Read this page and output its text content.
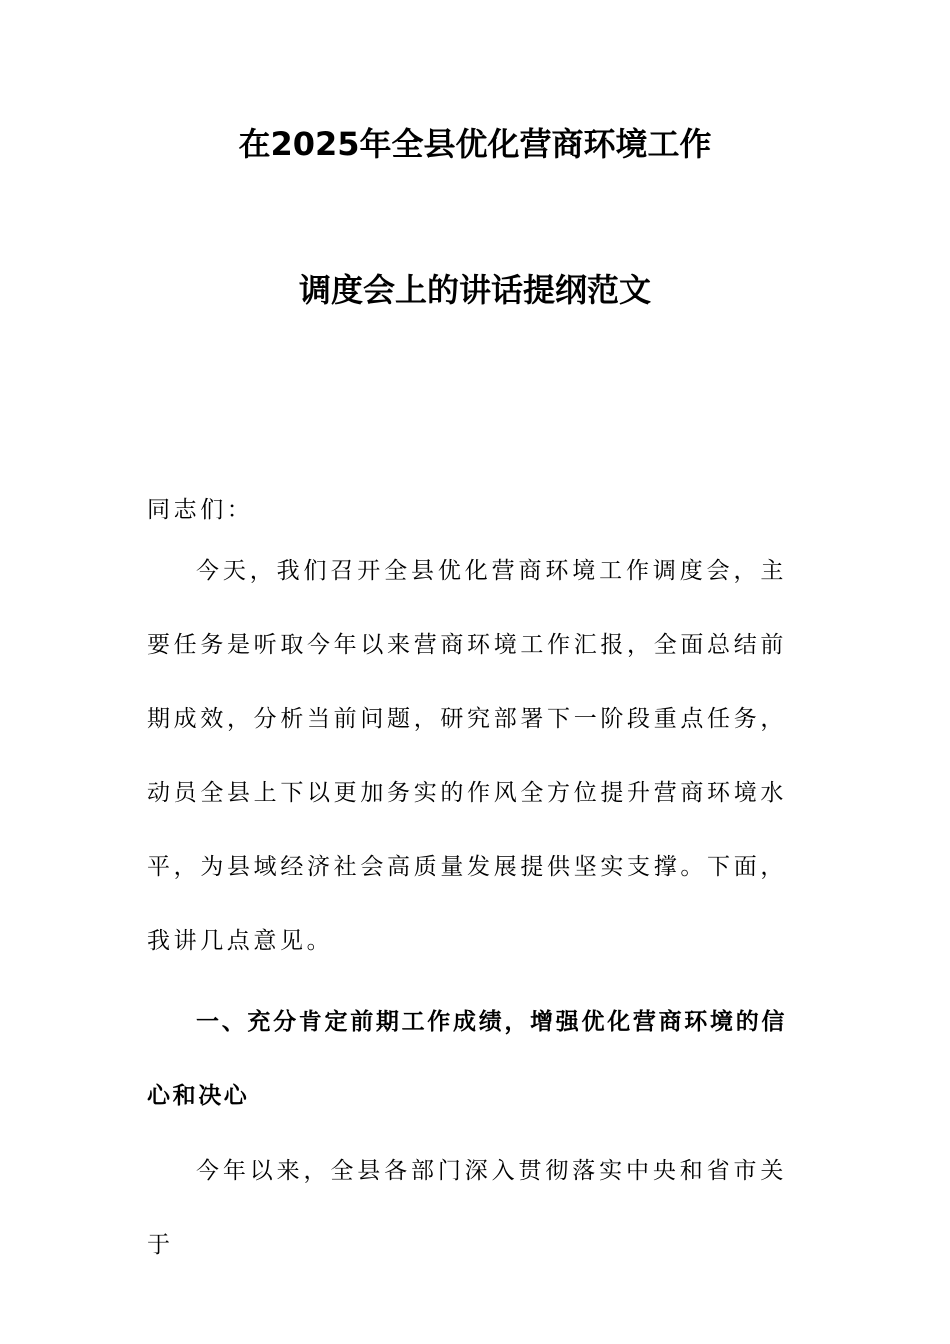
在2025年全县优化营商环境工作
调度会上的讲话提纲范文
同志们：
今天，我们召开全县优化营商环境工作调度会，主要任务是听取今年以来营商环境工作汇报，全面总结前期成效，分析当前问题，研究部署下一阶段重点任务，动员全县上下以更加务实的作风全方位提升营商环境水平，为县域经济社会高质量发展提供坚实支撑。下面，我讲几点意见。
一、充分肯定前期工作成绩，增强优化营商环境的信心和决心
今年以来，全县各部门深入贯彻落实中央和省市关于
